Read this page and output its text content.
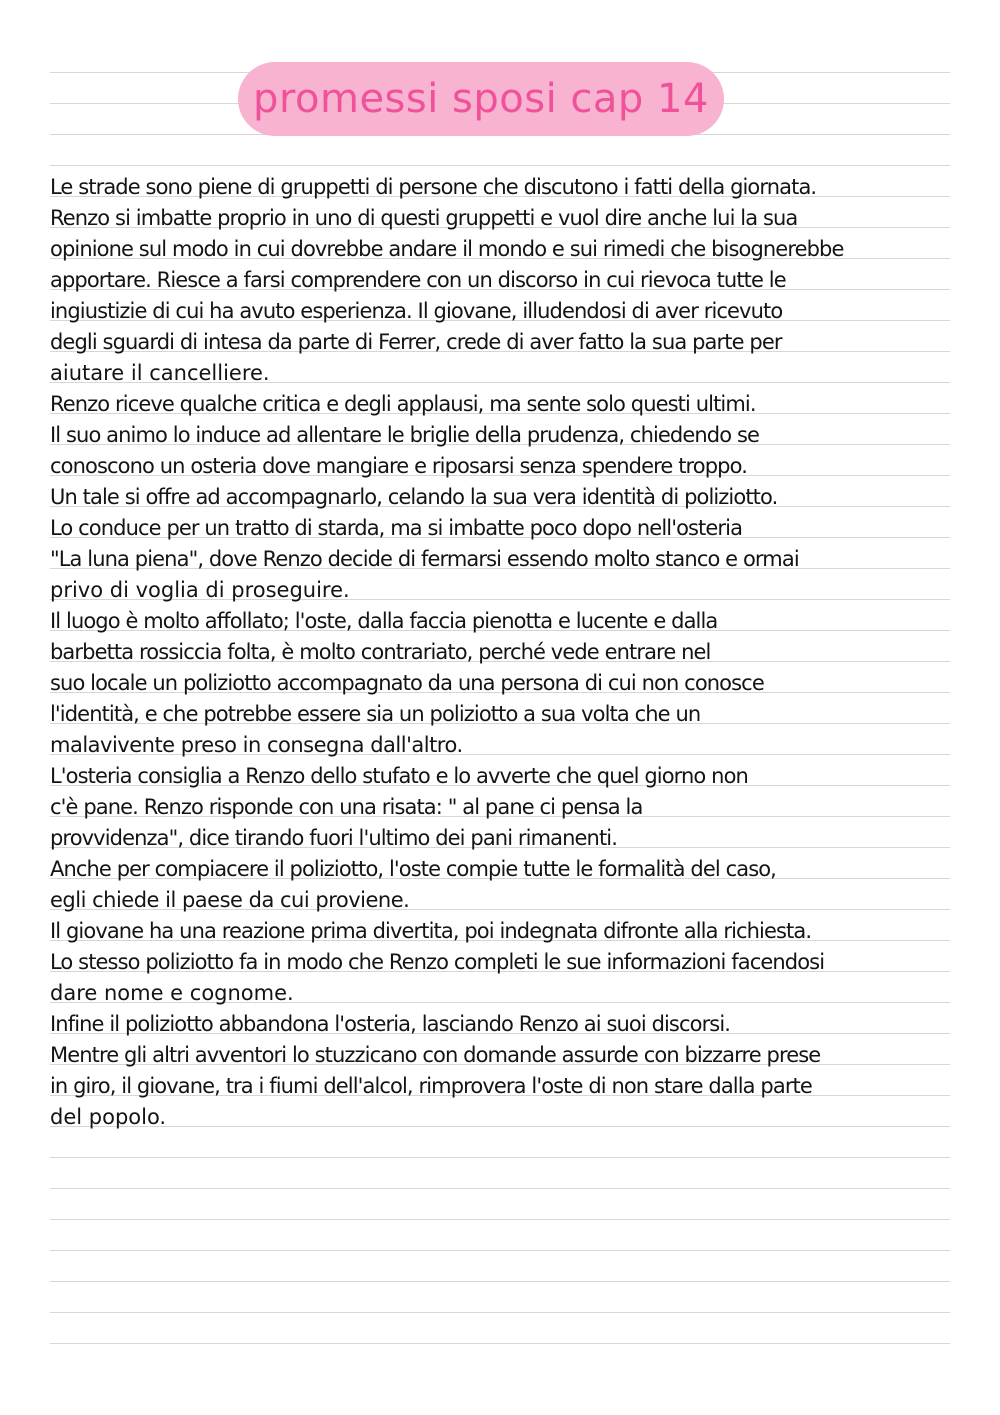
promessi sposi cap 14
Le strade sono piene di gruppetti di persone che discutono i fatti della giornata.
Renzo si imbatte proprio in uno di questi gruppetti e vuol dire anche lui la sua
opinione sul modo in cui dovrebbe andare il mondo e sui rimedi che bisognerebbe
apportare. Riesce a farsi comprendere con un discorso in cui rievoca tutte le
ingiustizie di cui ha avuto esperienza. Il giovane, illudendosi di aver ricevuto
degli sguardi di intesa da parte di Ferrer, crede di aver fatto la sua parte per
aiutare il cancelliere.
Renzo riceve qualche critica e degli applausi, ma sente solo questi ultimi.
Il suo animo lo induce ad allentare le briglie della prudenza, chiedendo se
conoscono un osteria dove mangiare e riposarsi senza spendere troppo.
Un tale si offre ad accompagnarlo, celando la sua vera identità di poliziotto.
Lo conduce per un tratto di starda, ma si imbatte poco dopo nell'osteria
"La luna piena", dove Renzo decide di fermarsi essendo molto stanco e ormai
privo di voglia di proseguire.
Il luogo è molto affollato; l'oste, dalla faccia pienotta e lucente e dalla
barbetta rossiccia folta, è molto contrariato, perché vede entrare nel
suo locale un poliziotto accompagnato da una persona di cui non conosce
l'identità, e che potrebbe essere sia un poliziotto a sua volta che un
malavivente preso in consegna dall'altro.
L'osteria consiglia a Renzo dello stufato e lo avverte che quel giorno non
c'è pane. Renzo risponde con una risata: " al pane ci pensa la
provvidenza", dice tirando fuori l'ultimo dei pani rimanenti.
Anche per compiacere il poliziotto, l'oste compie tutte le formalità del caso,
egli chiede il paese da cui proviene.
Il giovane ha una reazione prima divertita, poi indegnata difronte alla richiesta.
Lo stesso poliziotto fa in modo che Renzo completi le sue informazioni facendosi
dare nome e cognome.
Infine il poliziotto abbandona l'osteria, lasciando Renzo ai suoi discorsi.
Mentre gli altri avventori lo stuzzicano con domande assurde con bizzarre prese
in giro, il giovane, tra i fiumi dell'alcol, rimprovera l'oste di non stare dalla parte
del popolo.
